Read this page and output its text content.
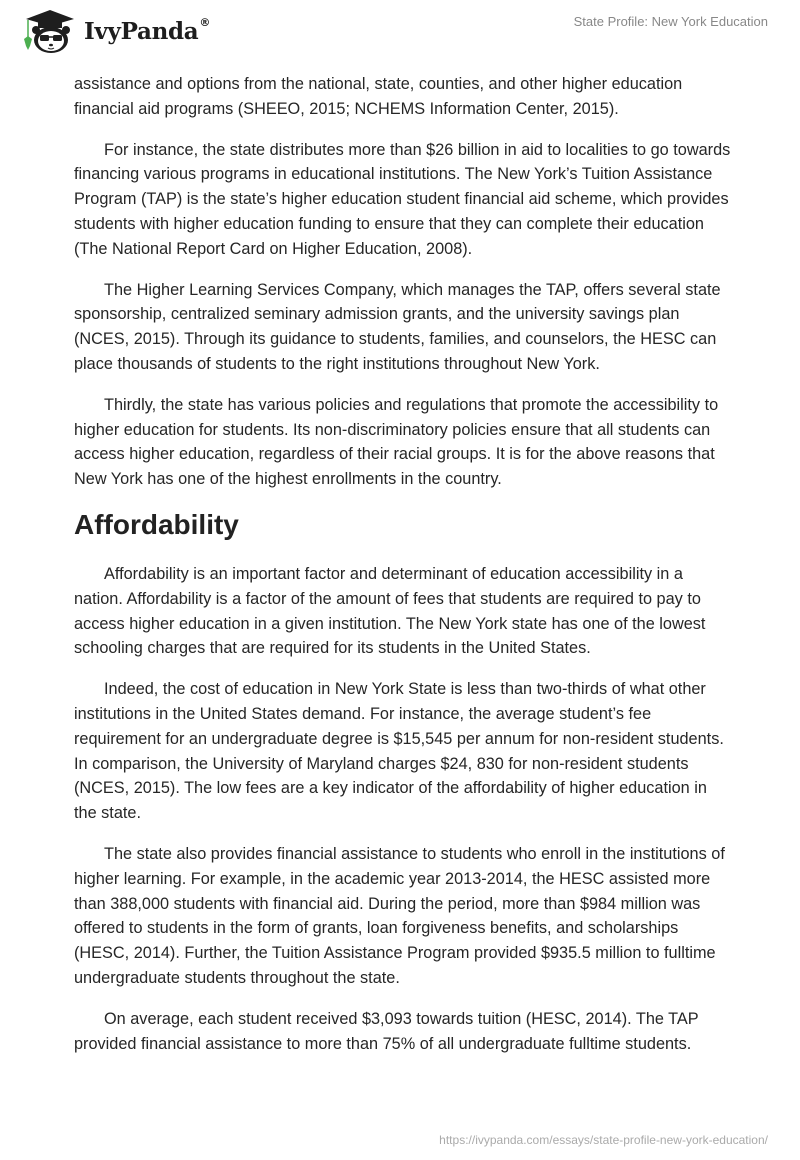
IvyPanda®	State Profile: New York Education

assistance and options from the national, state, counties, and other higher education financial aid programs (SHEEO, 2015; NCHEMS Information Center, 2015).

For instance, the state distributes more than $26 billion in aid to localities to go towards financing various programs in educational institutions. The New York’s Tuition Assistance Program (TAP) is the state’s higher education student financial aid scheme, which provides students with higher education funding to ensure that they can complete their education (The National Report Card on Higher Education, 2008).

The Higher Learning Services Company, which manages the TAP, offers several state sponsorship, centralized seminary admission grants, and the university savings plan (NCES, 2015). Through its guidance to students, families, and counselors, the HESC can place thousands of students to the right institutions throughout New York.

Thirdly, the state has various policies and regulations that promote the accessibility to higher education for students. Its non-discriminatory policies ensure that all students can access higher education, regardless of their racial groups. It is for the above reasons that New York has one of the highest enrollments in the country.

Affordability

Affordability is an important factor and determinant of education accessibility in a nation. Affordability is a factor of the amount of fees that students are required to pay to access higher education in a given institution. The New York state has one of the lowest schooling charges that are required for its students in the United States.

Indeed, the cost of education in New York State is less than two-thirds of what other institutions in the United States demand. For instance, the average student’s fee requirement for an undergraduate degree is $15,545 per annum for non-resident students. In comparison, the University of Maryland charges $24, 830 for non-resident students (NCES, 2015). The low fees are a key indicator of the affordability of higher education in the state.

The state also provides financial assistance to students who enroll in the institutions of higher learning. For example, in the academic year 2013-2014, the HESC assisted more than 388,000 students with financial aid. During the period, more than $984 million was offered to students in the form of grants, loan forgiveness benefits, and scholarships (HESC, 2014). Further, the Tuition Assistance Program provided $935.5 million to fulltime undergraduate students throughout the state.

On average, each student received $3,093 towards tuition (HESC, 2014). The TAP provided financial assistance to more than 75% of all undergraduate fulltime students.

https://ivypanda.com/essays/state-profile-new-york-education/
